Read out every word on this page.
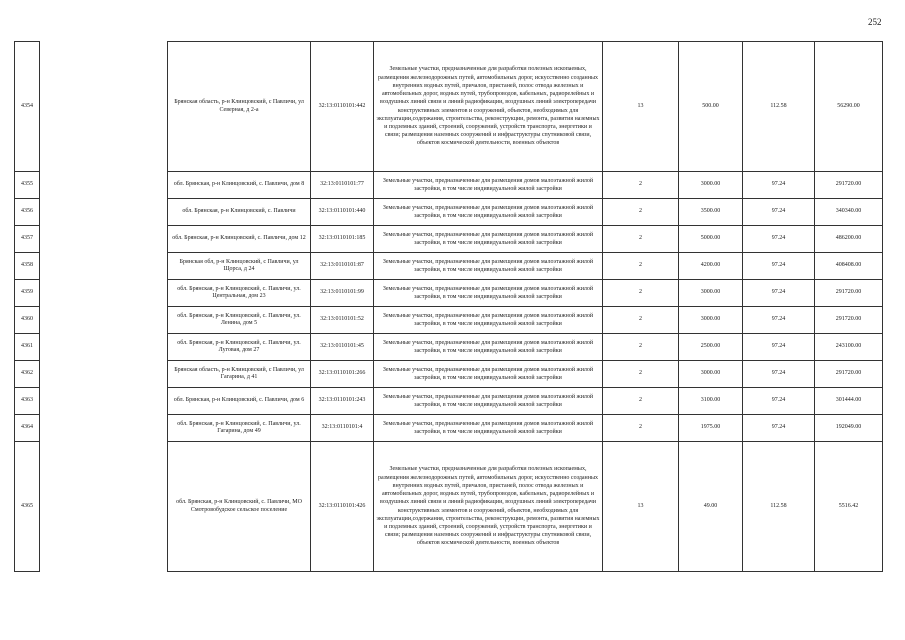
252
4354		Брянская область, р-н Клинцовский, с Павличи, ул Северная, д 2-а	32:13:0110101:442	Земельные участки, предназначенные для разработки полезных ископаемых, размещения железнодорожных путей, автомобильных дорог, искусственно созданных внутренних водных путей, причалов, пристаней, полос отвода железных и автомобильных дорог, водных путей, трубопроводов, кабельных, радиорелейных и воздушных линий связи и линий радиофикации, воздушных линий электропередачи конструктивных элементов и сооружений, объектов, необходимых для эксплуатации,содержания, строительства, реконструкции, ремонта, развития наземных и подземных зданий, строений, сооружений, устройств транспорта, энергетики и связи; размещения наземных сооружений и инфраструктуры спутниковой связи, объектов космической деятельности, военных объектов	13	500.00	112.58	56290.00
4355		обл. Брянская, р-н Клинцовский, с. Павличи, дом 8	32:13:0110101:77	Земельные участки, предназначенные для размещения домов малоэтажной жилой застройки, в том числе индивидуальной жилой застройки	2	3000.00	97.24	291720.00
4356		обл. Брянская, р-н Клинцовский, с. Павличи	32:13:0110101:440	Земельные участки, предназначенные для размещения домов малоэтажной жилой застройки, в том числе индивидуальной жилой застройки	2	3500.00	97.24	340340.00
4357		обл. Брянская, р-н Клинцовский, с. Павличи, дом 12	32:13:0110101:185	Земельные участки, предназначенные для размещения домов малоэтажной жилой застройки, в том числе индивидуальной жилой застройки	2	5000.00	97.24	486200.00
4358		Брянская обл, р-н Клинцовский, с Павличи, ул Щорса, д 24	32:13:0110101:87	Земельные участки, предназначенные для размещения домов малоэтажной жилой застройки, в том числе индивидуальной жилой застройки	2	4200.00	97.24	408408.00
4359		обл. Брянская, р-н Клинцовский, с. Павличи, ул. Центральная, дом 23	32:13:0110101:99	Земельные участки, предназначенные для размещения домов малоэтажной жилой застройки, в том числе индивидуальной жилой застройки	2	3000.00	97.24	291720.00
4360		обл. Брянская, р-н Клинцовский, с. Павличи, ул. Ленина, дом 5	32:13:0110101:52	Земельные участки, предназначенные для размещения домов малоэтажной жилой застройки, в том числе индивидуальной жилой застройки	2	3000.00	97.24	291720.00
4361		обл. Брянская, р-н Клинцовский, с. Павличи, ул. Луговая, дом 27	32:13:0110101:45	Земельные участки, предназначенные для размещения домов малоэтажной жилой застройки, в том числе индивидуальной жилой застройки	2	2500.00	97.24	243100.00
4362		Брянская область, р-н Клинцовский, с Павличи, ул Гагарина, д 41	32:13:0110101:266	Земельные участки, предназначенные для размещения домов малоэтажной жилой застройки, в том числе индивидуальной жилой застройки	2	3000.00	97.24	291720.00
4363		обл. Брянская, р-н Клинцовский, с. Павличи, дом 6	32:13:0110101:243	Земельные участки, предназначенные для размещения домов малоэтажной жилой застройки, в том числе индивидуальной жилой застройки	2	3100.00	97.24	301444.00
4364		обл. Брянская, р-н Клинцовский, с. Павличи, ул. Гагарина, дом 49	32:13:0110101:4	Земельные участки, предназначенные для размещения домов малоэтажной жилой застройки, в том числе индивидуальной жилой застройки	2	1975.00	97.24	192049.00
4365		обл. Брянская, р-н Клинцовский, с. Павличи, МО Смотровобудское сельское поселение	32:13:0110101:426	Земельные участки, предназначенные для разработки полезных ископаемых, размещения железнодорожных путей, автомобильных дорог, искусственно созданных внутренних водных путей, причалов, пристаней, полос отвода железных и автомобильных дорог, водных путей, трубопроводов, кабельных, радиорелейных и воздушных линий связи и линий радиофикации, воздушных линий электропередачи конструктивных элементов и сооружений, объектов, необходимых для эксплуатации,содержания, строительства, реконструкции, ремонта, развития наземных и подземных зданий, строений, сооружений, устройств транспорта, энергетики и связи; размещения наземных сооружений и инфраструктуры спутниковой связи, объектов космической деятельности, военных объектов	13	49.00	112.58	5516.42
